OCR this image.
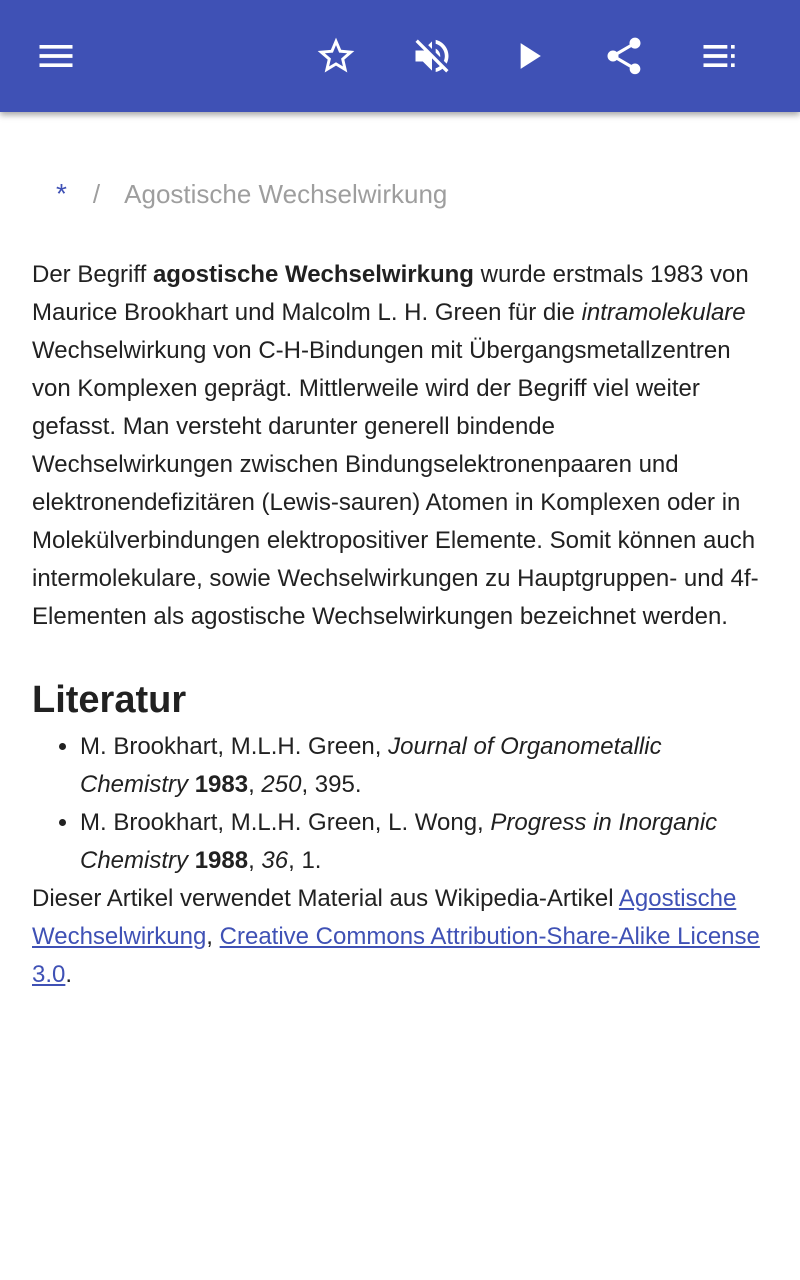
* / Agostische Wechselwirkung

Der Begriff agostische Wechselwirkung wurde erstmals 1983 von Maurice Brookhart und Malcolm L. H. Green für die intramolekulare Wechselwirkung von C-H-Bindungen mit Übergangsmetallzentren von Komplexen geprägt. Mittlerweile wird der Begriff viel weiter gefasst. Man versteht darunter generell bindende Wechselwirkungen zwischen Bindungselektronenpaaren und elektronendefizitären (Lewis-sauren) Atomen in Komplexen oder in Molekülverbindungen elektropositiver Elemente. Somit können auch intermolekulare, sowie Wechselwirkungen zu Hauptgruppen- und 4f-Elementen als agostische Wechselwirkungen bezeichnet werden.

Literatur
• M. Brookhart, M.L.H. Green, Journal of Organometallic Chemistry 1983, 250, 395.
• M. Brookhart, M.L.H. Green, L. Wong, Progress in Inorganic Chemistry 1988, 36, 1.

Dieser Artikel verwendet Material aus Wikipedia-Artikel Agostische Wechselwirkung, Creative Commons Attribution-Share-Alike License 3.0.
